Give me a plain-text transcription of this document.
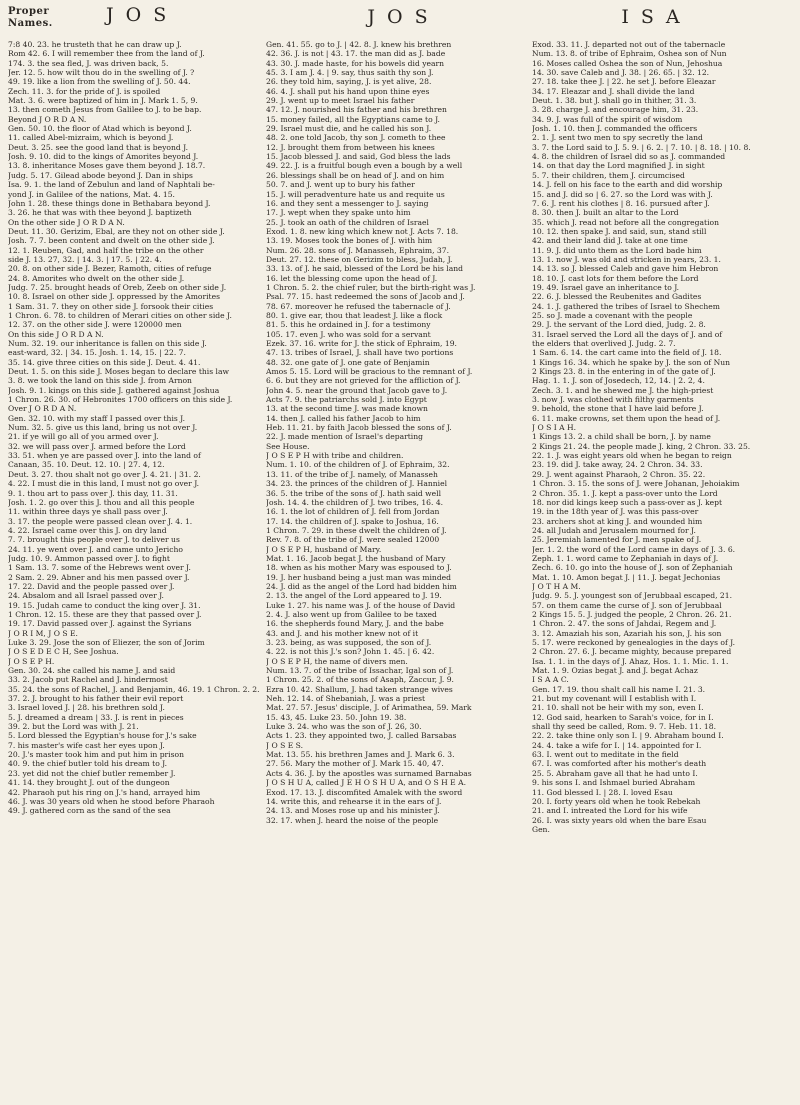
Proper
Names.	J O S	J O S	I S A
7:8 40. 23. he trusteth that he can draw up J.
Rom 42. 6. I will remember thee from the land of J.
174. 3. the sea fled, J. was driven back, 5.
Jer. 12. 5. how wilt thou do in the swelling of J. ?
49. 19. like a lion from the swelling of J. 50. 44.
Zech. 11. 3. for the pride of J. is spoiled
Mat. 3. 6. were baptized of him in J. Mark 1. 5, 9.
13. then cometh Jesus from Galilee to J. to be bap.
Beyond J O R D A N.
Gen. 50. 10. the floor of Atad which is beyond J.
11. called Abel-mizraim, which is beyond J.
Deut. 3. 25. see the good land that is beyond J.
Josh. 9. 10. did to the kings of Amorites beyond J.
13. 8. inheritance Moses gave them beyond J. 18.7.
Judg. 5. 17. Gilead abode beyond J. Dan in ships
Isa. 9. 1. the land of Zebulun and land of Naphtali be-
yond J. in Galilee of the nations, Mat. 4. 15.
John 1. 28. these things done in Bethabara beyond J.
3. 26. he that was with thee beyond J. baptizeth
On the other side J O R D A N.
Deut. 11. 30. Gerizim, Ebal, are they not on other side J.
Josh. 7. 7. been content and dwelt on the other side J.
12. 1. Reuben, Gad, and half the tribe on the other
side J. 13. 27, 32. | 14. 3. | 17. 5. | 22. 4.
20. 8. on other side J. Bezer, Ramoth, cities of refuge
24. 8. Amorites who dwelt on the other side J.
Judg. 7. 25. brought heads of Oreb, Zeeb on other side J.
10. 8. Israel on other side J. oppressed by the Amorites
1 Sam. 31. 7. they on other side J. forsook their cities
1 Chron. 6. 78. to children of Merari cities on other side J.
12. 37. on the other side J. were 120000 men
On this side J O R D A N.
Num. 32. 19. our inheritance is fallen on this side J.
east-ward, 32. | 34. 15. Josh. 1. 14, 15. | 22. 7.
35. 14. give three cities on this side J. Deut. 4. 41.
Deut. 1. 5. on this side J. Moses began to declare this law
3. 8. we took the land on this side J. from Arnon
Josh. 9. 1. kings on this side J. gathered against Joshua
1 Chron. 26. 30. of Hebronites 1700 officers on this side J.
Over J O R D A N.
Gen. 32. 10. with my staff I passed over this J.
Num. 32. 5. give us this land, bring us not over J.
21. if ye will go all of you armed over J.
32. we will pass over J. armed before the Lord
33. 51. when ye are passed over J. into the land of
Canaan, 35. 10. Deut. 12. 10. | 27. 4, 12.
Deut. 3. 27. thou shalt not go over J. 4. 21. | 31. 2.
4. 22. I must die in this land, I must not go over J.
9. 1. thou art to pass over J. this day, 11. 31.
Josh. 1. 2. go over this J. thou and all this people
11. within three days ye shall pass over J.
3. 17. the people were passed clean over J. 4. 1.
4. 22. Israel came over this J. on dry land
7. 7. brought this people over J. to deliver us
24. 11. ye went over J. and came unto Jericho
Judg. 10. 9. Ammon passed over J. to fight
1 Sam. 13. 7. some of the Hebrews went over J.
2 Sam. 2. 29. Abner and his men passed over J.
17. 22. David and the people passed over J.
24. Absalom and all Israel passed over J.
19. 15. Judah came to conduct the king over J. 31.
1 Chron. 12. 15. these are they that passed over J.
19. 17. David passed over J. against the Syrians
J O R I M, J O S E.
Luke 3. 29. Jose the son of Eliezer, the son of Jorim
J O S E D E C H, See Joshua.
J O S E P H.
Gen. 30. 24. she called his name J. and said
33. 2. Jacob put Rachel and J. hindermost
35. 24. the sons of Rachel, J. and Benjamin, 46. 19. 1 Chron. 2. 2.
37. 2. J. brought to his father their evil report
3. Israel loved J. | 28. his brethren sold J.
5. J. dreamed a dream | 33. J. is rent in pieces
39. 2. but the Lord was with J. 21.
5. Lord blessed the Egyptian's house for J.'s sake
7. his master's wife cast her eyes upon J.
20. J.'s master took him and put him in prison
40. 9. the chief butler told his dream to J.
23. yet did not the chief butler remember J.
41. 14. they brought J. out of the dungeon
42. Pharaoh put his ring on J.'s hand, arrayed him
46. J. was 30 years old when he stood before Pharaoh
49. J. gathered corn as the sand of the sea
Gen. 41. 55. go to J. | 42. 8. J. knew his brethren
42. 36. J. is not | 43. 17. the man did as J. bade
43. 30. J. made haste, for his bowels did yearn
45. 3. I am J. 4. | 9. say, thus saith thy son J.
26. they told him, saying, J. is yet alive, 28.
46. 4. J. shall put his hand upon thine eyes
29. J. went up to meet Israel his father
47. 12. J. nourished his father and his brethren
15. money failed, all the Egyptians came to J.
29. Israel must die, and he called his son J.
48. 2. one told Jacob, thy son J. cometh to thee
12. J. brought them from between his knees
15. Jacob blessed J. and said, God bless the lads
49. 22. J. is a fruitful bough even a bough by a well
26. blessings shall be on head of J. and on him
50. 7. and J. went up to bury his father
15. J. will peradventure hate us and requite us
16. and they sent a messenger to J. saying
17. J. wept when they spake unto him
25. J. took an oath of the children of Israel
Exod. 1. 8. new king which knew not J. Acts 7. 18.
13. 19. Moses took the bones of J. with him
Num. 26. 28. sons of J. Manasseh, Ephraim, 37.
Deut. 27. 12. these on Gerizim to bless, Judah, J.
33. 13. of J. he said, blessed of the Lord be his land
16. let the blessing come upon the head of J.
1 Chron. 5. 2. the chief ruler, but the birth-right was J.
Psal. 77. 15. hast redeemed the sons of Jacob and J.
78. 67. moreover he refused the tabernacle of J.
80. 1. give ear, thou that leadest J. like a flock
81. 5. this he ordained in J. for a testimony
105. 17. even J. who was sold for a servant
Ezek. 37. 16. write for J. the stick of Ephraim, 19.
47. 13. tribes of Israel, J. shall have two portions
48. 32. one gate of J. one gate of Benjamin
Amos 5. 15. Lord will be gracious to the remnant of J.
6. 6. but they are not grieved for the affliction of J.
John 4. 5. near the ground that Jacob gave to J.
Acts 7. 9. the patriarchs sold J. into Egypt
13. at the second time J. was made known
14. then J. called his father Jacob to him
Heb. 11. 21. by faith Jacob blessed the sons of J.
22. J. made mention of Israel's departing
See House.
J O S E P H with tribe and children.
Num. 1. 10. of the children of J. of Ephraim, 32.
13. 11. of the tribe of J. namely, of Manasseh
34. 23. the princes of the children of J. Hanniel
36. 5. the tribe of the sons of J. hath said well
Josh. 14. 4. the children of J. two tribes, 16. 4.
16. 1. the lot of children of J. fell from Jordan
17. 14. the children of J. spake to Joshua, 16.
1 Chron. 7. 29. in these dwelt the children of J.
Rev. 7. 8. of the tribe of J. were sealed 12000
J O S E P H, husband of Mary.
Mat. 1. 16. Jacob begat J. the husband of Mary
18. when as his mother Mary was espoused to J.
19. J. her husband being a just man was minded
24. J. did as the angel of the Lord had bidden him
2. 13. the angel of the Lord appeared to J. 19.
Luke 1. 27. his name was J. of the house of David
2. 4. J. also went up from Galilee to be taxed
16. the shepherds found Mary, J. and the babe
43. and J. and his mother knew not of it
3. 23. being, as was supposed, the son of J.
4. 22. is not this J.'s son? John 1. 45. | 6. 42.
J O S E P H, the name of divers men.
Num. 13. 7. of the tribe of Issachar, Igal son of J.
1 Chron. 25. 2. of the sons of Asaph, Zaccur, J. 9.
Ezra 10. 42. Shallum, J. had taken strange wives
Neh. 12. 14. of Shebaniah, J. was a priest
Mat. 27. 57. Jesus' disciple, J. of Arimathea, 59. Mark
15. 43, 45. Luke 23. 50. John 19. 38.
Luke 3. 24. who was the son of J. 26, 30.
Acts 1. 23. they appointed two, J. called Barsabas
J O S E S.
Mat. 13. 55. his brethren James and J. Mark 6. 3.
27. 56. Mary the mother of J. Mark 15. 40, 47.
Acts 4. 36. J. by the apostles was surnamed Barnabas
J O S H U A, called J E H O S H U A, and O S H E A.
Exod. 17. 13. J. discomfited Amalek with the sword
14. write this, and rehearse it in the ears of J.
24. 13. and Moses rose up and his minister J.
32. 17. when J. heard the noise of the people
Exod. 33. 11. J. departed not out of the tabernacle
Num. 13. 8. of tribe of Ephraim, Oshea son of Nun
16. Moses called Oshea the son of Nun, Jehoshua
14. 30. save Caleb and J. 38. | 26. 65. | 32. 12.
27. 18. take thee J. | 22. he set J. before Eleazar
34. 17. Eleazar and J. shall divide the land
Deut. 1. 38. but J. shall go in thither, 31. 3.
3. 28. charge J. and encourage him, 31. 23.
34. 9. J. was full of the spirit of wisdom
Josh. 1. 10. then J. commanded the officers
2. 1. J. sent two men to spy secretly the land
3. 7. the Lord said to J. 5. 9. | 6. 2. | 7. 10. | 8. 18. | 10. 8.
4. 8. the children of Israel did so as J. commanded
14. on that day the Lord magnified J. in sight
5. 7. their children, them J. circumcised
14. J. fell on his face to the earth and did worship
15. and J. did so | 6. 27. so the Lord was with J.
7. 6. J. rent his clothes | 8. 16. pursued after J.
8. 30. then J. built an altar to the Lord
35. which J. read not before all the congregation
10. 12. then spake J. and said, sun, stand still
42. and their land did J. take at one time
11. 9. J. did unto them as the Lord bade him
13. 1. now J. was old and stricken in years, 23. 1.
14. 13. so J. blessed Caleb and gave him Hebron
18. 10. J. cast lots for them before the Lord
19. 49. Israel gave an inheritance to J.
22. 6. J. blessed the Reubenites and Gadites
24. 1. J. gathered the tribes of Israel to Shechem
25. so J. made a covenant with the people
29. J. the servant of the Lord died, Judg. 2. 8.
31. Israel served the Lord all the days of J. and of
the elders that overlived J. Judg. 2. 7.
1 Sam. 6. 14. the cart came into the field of J. 18.
1 Kings 16. 34. which he spake by J. the son of Nun
2 Kings 23. 8. in the entering in of the gate of J.
Hag. 1. 1. J. son of Josedech, 12, 14. | 2. 2, 4.
Zech. 3. 1. and he shewed me J. the high-priest
3. now J. was clothed with filthy garments
9. behold, the stone that I have laid before J.
6. 11. make crowns, set them upon the head of J.
J O S I A H.
1 Kings 13. 2. a child shall be born, J. by name
2 Kings 21. 24. the people made J. king, 2 Chron. 33. 25.
22. 1. J. was eight years old when he began to reign
23. 19. did J. take away, 24. 2 Chron. 34. 33.
29. J. went against Pharaoh, 2 Chron. 35. 22.
1 Chron. 3. 15. the sons of J. were Johanan, Jehoiakim
2 Chron. 35. 1. J. kept a pass-over unto the Lord
18. nor did kings keep such a pass-over as J. kept
19. in the 18th year of J. was this pass-over
23. archers shot at king J. and wounded him
24. all Judah and Jerusalem mourned for J.
25. Jeremiah lamented for J. men spake of J.
Jer. 1. 2. the word of the Lord came in days of J. 3. 6.
Zeph. 1. 1. word came to Zephaniah in days of J.
Zech. 6. 10. go into the house of J. son of Zephaniah
Mat. 1. 10. Amon begat J. | 11. J. begat Jechonias
J O T H A M.
Judg. 9. 5. J. youngest son of Jerubbaal escaped, 21.
57. on them came the curse of J. son of Jerubbaal
2 Kings 15. 5. J. judged the people, 2 Chron. 26. 21.
1 Chron. 2. 47. the sons of Jahdai, Regem and J.
3. 12. Amaziah his son, Azariah his son, J. his son
5. 17. were reckoned by genealogies in the days of J.
2 Chron. 27. 6. J. became mighty, because prepared
Isa. 1. 1. in the days of J. Ahaz, Hos. 1. 1. Mic. 1. 1.
Mat. 1. 9. Ozias begat J. and J. begat Achaz
I S A A C.
Gen. 17. 19. thou shalt call his name I. 21. 3.
21. but my covenant will I establish with I.
21. 10. shall not be heir with my son, even I.
12. God said, hearken to Sarah's voice, for in I.
shall thy seed be called, Rom. 9. 7. Heb. 11. 18.
22. 2. take thine only son I. | 9. Abraham bound I.
24. 4. take a wife for I. | 14. appointed for I.
63. I. went out to meditate in the field
67. I. was comforted after his mother's death
25. 5. Abraham gave all that he had unto I.
9. his sons I. and Ishmael buried Abraham
11. God blessed I. | 28. I. loved Esau
20. I. forty years old when he took Rebekah
21. and I. intreated the Lord for his wife
26. I. was sixty years old when the bare Esau
Gen.
